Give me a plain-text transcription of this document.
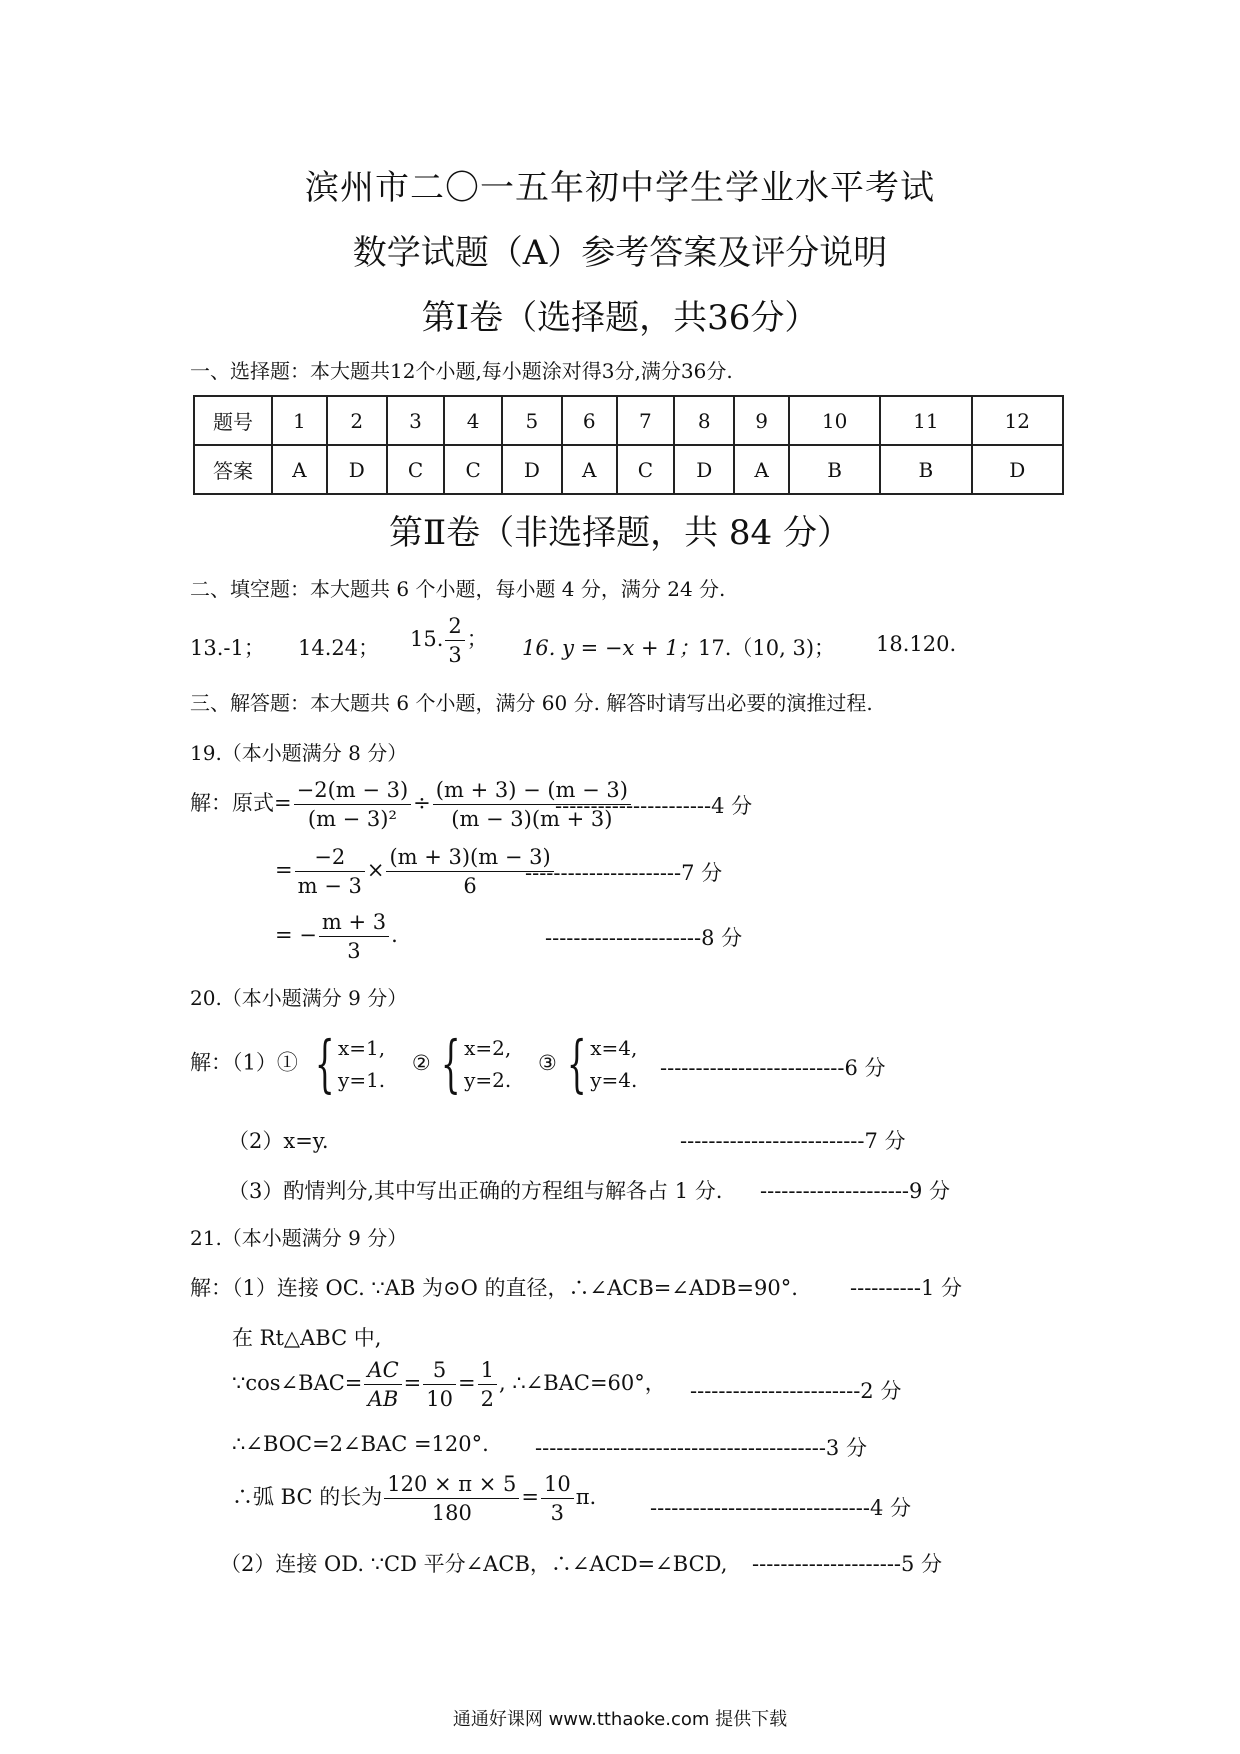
滨州市二〇一五年初中学生学业水平考试
数学试题（A）参考答案及评分说明
第Ⅰ卷（选择题，共36分）
一、选择题：本大题共12个小题,每小题涂对得3分,满分36分.
题号	1	2	3	4	5	6	7	8	9	10	11	12
答案	A	D	C	C	D	A	C	D	A	B	B	D
第Ⅱ卷（非选择题，共 84 分）
二、填空题：本大题共 6 个小题，每小题 4 分，满分 24 分.
13.-1； 14.24； 15. $\frac{2}{3}$ ； 16. y = −x + 1；
17.（10, 3)； 18.120.
三、解答题：本大题共 6 个小题，满分 60 分. 解答时请写出必要的演推过程.
19.（本小题满分 8 分）
解：原式= $\frac{-2(m - 3)}{\text{(m − 3)²}} \div \frac{(m + 3) - (m - 3)}{(m - 3)(m + 3)}$
----------------------4 分
= $\frac{-2}{m - 3} \times \frac{(m + 3)(m - 3)}{6}$
----------------------7 分
= − $\frac{m + 3}{3}$ .	----------------------8 分
20.（本小题满分 9 分）
解：（1）① { x=1,
y=1. ② { x=2,
y=2. ③ { x=4,
y=4. --------------------------6 分
（2）x=y.	--------------------------7 分
（3）酌情判分,其中写出正确的方程组与解各占 1 分. ---------------------9 分
21.（本小题满分 9 分）
解：（1）连接 OC. ∵AB 为⊙O 的直径，∴∠ACB=∠ADB=90°. ----------1 分
在 Rt△ABC 中,
∵cos∠BAC= $\frac{AC}{AB} = \frac{5}{10} = \frac{1}{2}$ , ∴∠BAC=60°， ------------------------2 分
∴∠BOC=2∠BAC =120°. -----------------------------------------3 分
∴弧 BC 的长为 $\frac{120 \times \pi \times 5}{180} = \frac{10}{3} \pi$.	-------------------------------4 分
（2）连接 OD. ∵CD 平分∠ACB，∴∠ACD=∠BCD, ---------------------5 分
通通好课网 www.tthaoke.com 提供下载
